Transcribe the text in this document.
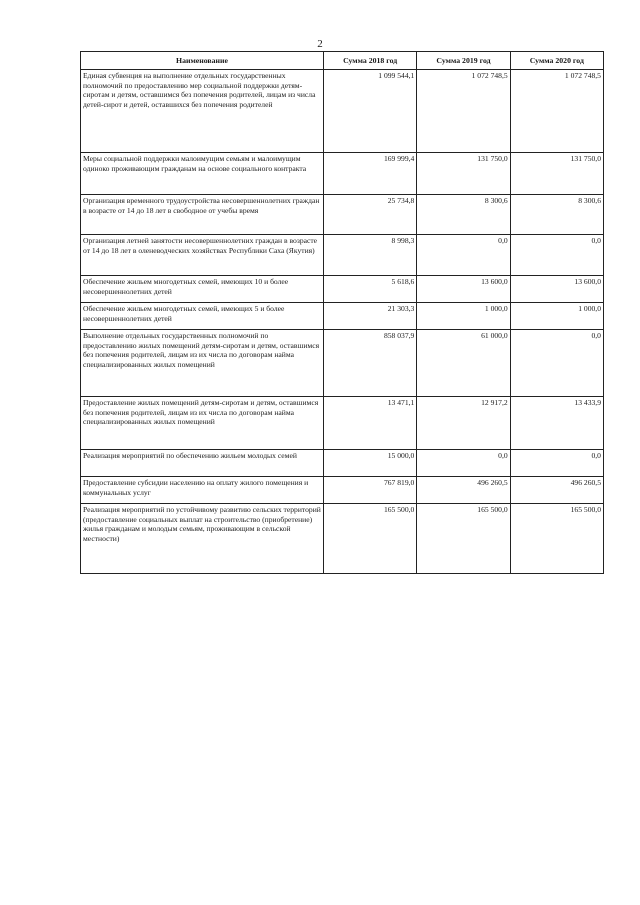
2
Наименование	Сумма 2018 год	Сумма 2019 год	Сумма 2020 год
Единая субвенция на выполнение отдельных государственных полномочий по предоставлению мер социальной поддержки детям-сиротам и детям, оставшимся без попечения родителей, лицам из числа детей-сирот и детей, оставшихся без попечения родителей	1 099 544,1	1 072 748,5	1 072 748,5
Меры социальной поддержки малоимущим семьям и малоимущим одиноко проживающим гражданам на основе социального контракта	169 999,4	131 750,0	131 750,0
Организация временного трудоустройства несовершеннолетних граждан в возрасте от 14 до 18 лет в свободное от учебы время	25 734,8	8 300,6	8 300,6
Организация летней занятости несовершеннолетних граждан в возрасте от 14 до 18 лет в оленеводческих хозяйствах Республики Саха (Якутия)	8 998,3	0,0	0,0
Обеспечение жильем многодетных семей, имеющих 10 и более несовершеннолетних детей	5 618,6	13 600,0	13 600,0
Обеспечение жильем многодетных семей, имеющих 5 и более несовершеннолетних детей	21 303,3	1 000,0	1 000,0
Выполнение отдельных государственных полномочий по предоставлению жилых помещений детям-сиротам и детям, оставшимся без попечения родителей, лицам из их числа по договорам найма специализированных жилых помещений	858 037,9	61 000,0	0,0
Предоставление жилых помещений детям-сиротам и детям, оставшимся без попечения родителей, лицам из их числа по договорам найма специализированных жилых помещений	13 471,1	12 917,2	13 433,9
Реализация мероприятий по обеспечению жильем молодых семей	15 000,0	0,0	0,0
Предоставление субсидии населению на оплату жилого помещения и коммунальных услуг	767 819,0	496 260,5	496 260,5
Реализация мероприятий по устойчивому развитию сельских территорий (предоставление социальных выплат на строительство (приобретение) жилья гражданам и молодым семьям, проживающим в сельской местности)	165 500,0	165 500,0	165 500,0
